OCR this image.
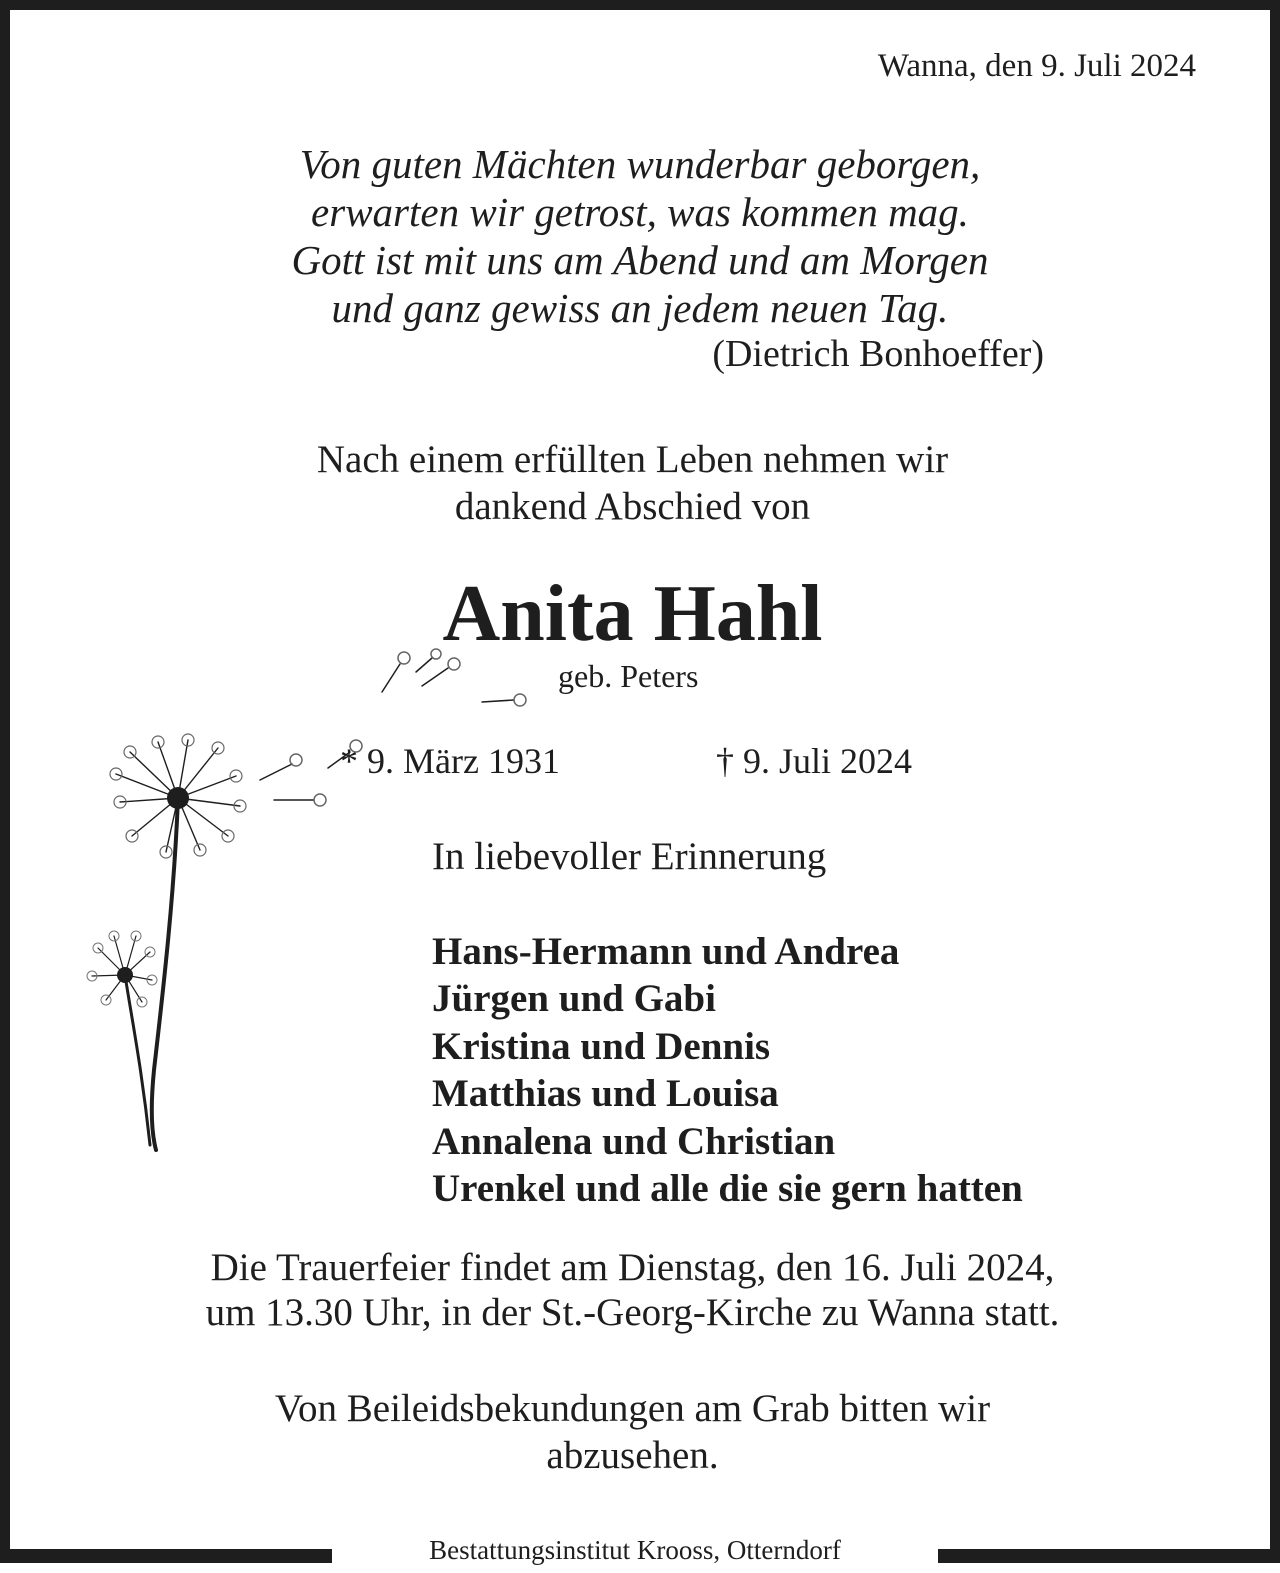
Wanna, den 9. Juli 2024
Von guten Mächten wunderbar geborgen,
erwarten wir getrost, was kommen mag.
Gott ist mit uns am Abend und am Morgen
und ganz gewiss an jedem neuen Tag.
(Dietrich Bonhoeffer)
Nach einem erfüllten Leben nehmen wir
dankend Abschied von
Anita Hahl
geb. Peters
* 9. März 1931	† 9. Juli 2024
In liebevoller Erinnerung
Hans-Hermann und Andrea
Jürgen und Gabi
Kristina und Dennis
Matthias und Louisa
Annalena und Christian
Urenkel und alle die sie gern hatten
Die Trauerfeier findet am Dienstag, den 16. Juli 2024,
um 13.30 Uhr, in der St.-Georg-Kirche zu Wanna statt.
Von Beileidsbekundungen am Grab bitten wir
abzusehen.
Bestattungsinstitut Krooss, Otterndorf
